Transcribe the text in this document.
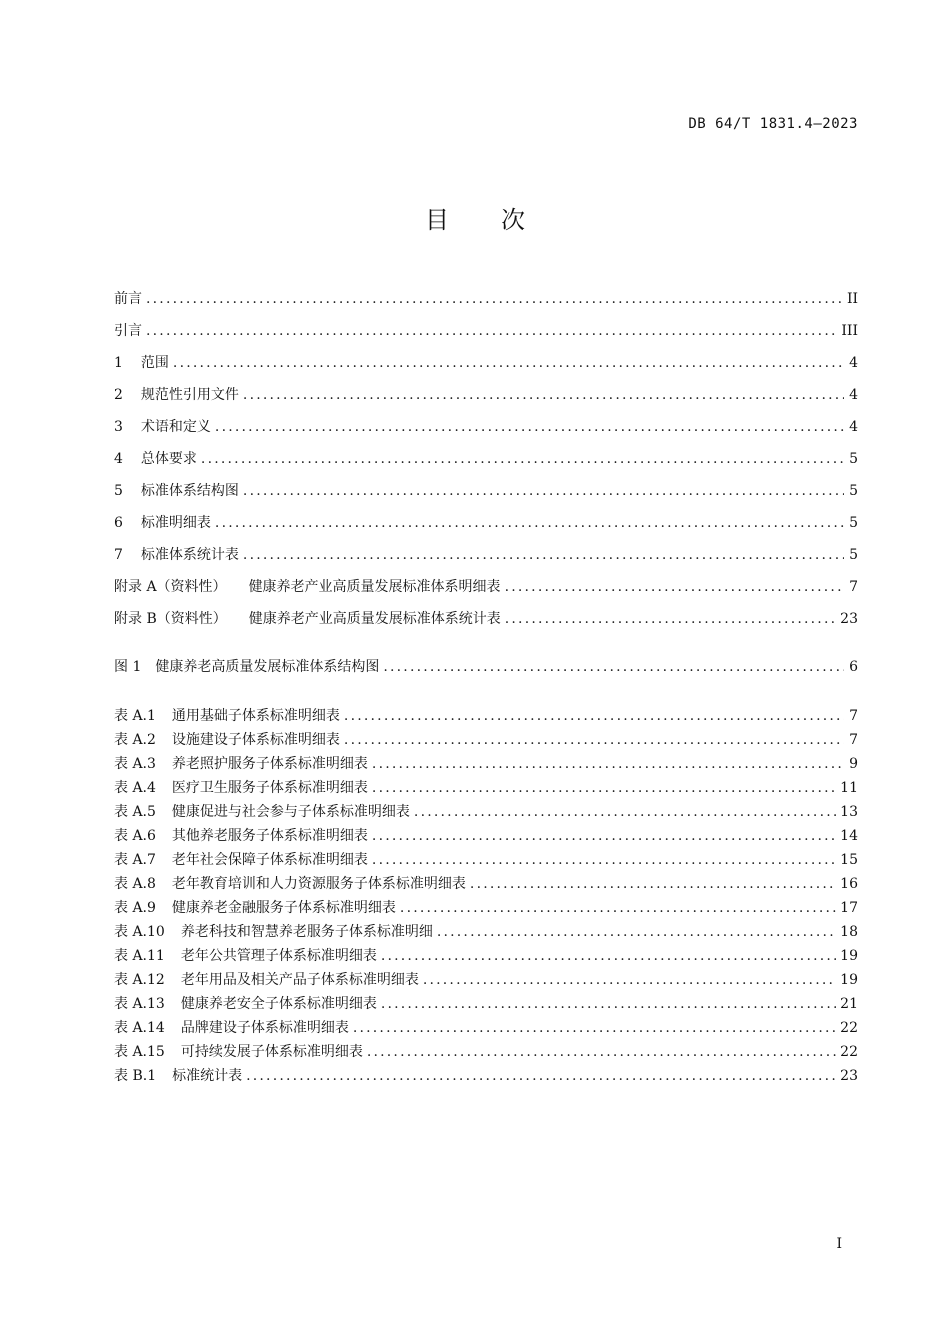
DB 64/T 1831.4—2023
目 次
前言 .....	II
引言 .....	III
1 范围 .....	4
2 规范性引用文件 .....	4
3 术语和定义 .....	4
4 总体要求 .....	5
5 标准体系结构图 .....	5
6 标准明细表 .....	5
7 标准体系统计表 .....	5
附录 A（资料性） 健康养老产业高质量发展标准体系明细表 .....	7
附录 B（资料性） 健康养老产业高质量发展标准体系统计表 .....	23
图 1 健康养老高质量发展标准体系结构图 .....	6
表 A.1 通用基础子体系标准明细表 .....	7
表 A.2 设施建设子体系标准明细表 .....	7
表 A.3 养老照护服务子体系标准明细表 .....	9
表 A.4 医疗卫生服务子体系标准明细表 .....	11
表 A.5 健康促进与社会参与子体系标准明细表 .....	13
表 A.6 其他养老服务子体系标准明细表 .....	14
表 A.7 老年社会保障子体系标准明细表 .....	15
表 A.8 老年教育培训和人力资源服务子体系标准明细表 .....	16
表 A.9 健康养老金融服务子体系标准明细表 .....	17
表 A.10 养老科技和智慧养老服务子体系标准明细 .....	18
表 A.11 老年公共管理子体系标准明细表 .....	19
表 A.12 老年用品及相关产品子体系标准明细表 .....	19
表 A.13 健康养老安全子体系标准明细表 .....	21
表 A.14 品牌建设子体系标准明细表 .....	22
表 A.15 可持续发展子体系标准明细表 .....	22
表 B.1 标准统计表 .....	23
I
